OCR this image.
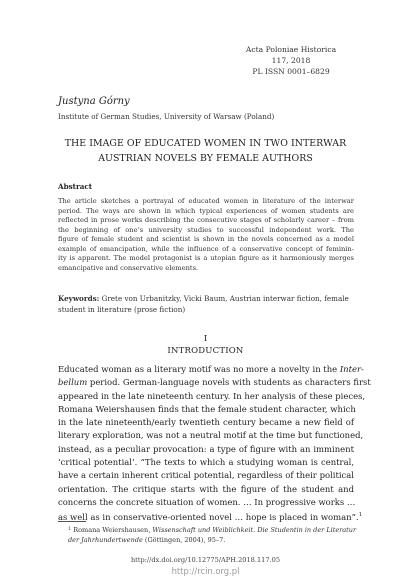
Acta Poloniae Historica
117, 2018
PL ISSN 0001–6829
Justyna Górny
Institute of German Studies, University of Warsaw (Poland)
THE IMAGE OF EDUCATED WOMEN IN TWO INTERWAR
AUSTRIAN NOVELS BY FEMALE AUTHORS
Abstract
The article sketches a portrayal of educated women in literature of the interwar
period. The ways are shown in which typical experiences of women students are
reflected in prose works describing the consecutive stages of scholarly career – from
the beginning of one’s university studies to successful independent work. The
figure of female student and scientist is shown in the novels concerned as a model
example of emancipation, while the influence of a conservative concept of feminin-
ity is apparent. The model protagonist is a utopian figure as it harmoniously merges
emancipative and conservative elements.
Keywords: Grete von Urbanitzky, Vicki Baum, Austrian interwar fiction, female
student in literature (prose fiction)
I
INTRODUCTION
Educated woman as a literary motif was no more a novelty in the Inter-
bellum period. German-language novels with students as characters first
appeared in the late nineteenth century. In her analysis of these pieces,
Romana Weiershausen finds that the female student character, which
in the late nineteenth/early twentieth century became a new field of
literary exploration, was not a neutral motif at the time but functioned,
instead, as a peculiar provocation: a type of figure with an imminent
‘critical potential’. “The texts to which a studying woman is central,
have a certain inherent critical potential, regardless of their political
orientation. The critique starts with the figure of the student and
concerns the concrete situation of women. … In progressive works …
as well as in conservative-oriented novel … hope is placed in woman”.$^1$
$^1$ Romana Weiershausen, Wissenschaft und Weiblichkeit. Die Studentin in der Literatur
der Jahrhundertwende (Göttingen, 2004), 95–7.
http://dx.doi.org/10.12775/APH.2018.117.05
http://rcin.org.pl
